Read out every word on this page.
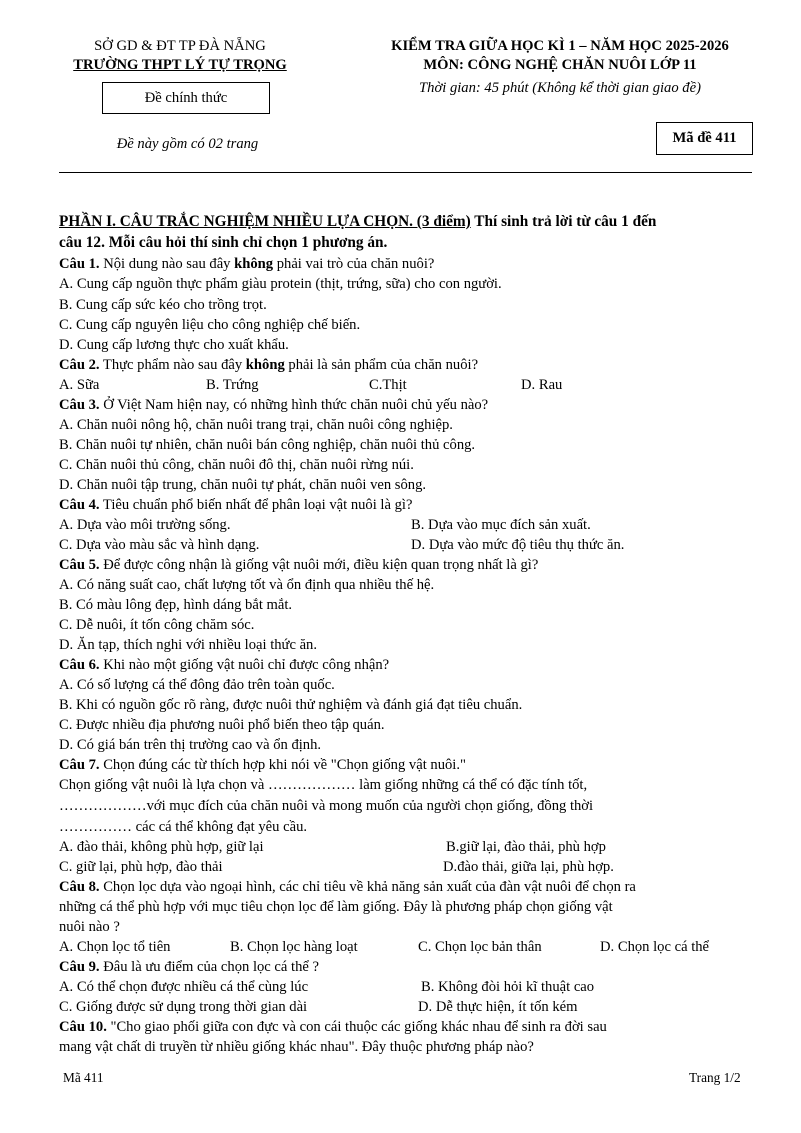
SỞ GD & ĐT TP ĐÀ NẴNG
TRƯỜNG THPT LÝ TỰ TRỌNG
Đề chính thức
Đề này gồm có 02 trang
KIỂM TRA GIỮA HỌC KÌ 1 – NĂM HỌC 2025-2026
MÔN: CÔNG NGHỆ CHĂN NUÔI LỚP 11
Thời gian: 45 phút (Không kể thời gian giao đề)
Mã đề 411
PHẦN I. CÂU TRẮC NGHIỆM NHIỀU LỰA CHỌN. (3 điểm) Thí sinh trả lời từ câu 1 đến
câu 12. Mỗi câu hỏi thí sinh chỉ chọn 1 phương án.
Câu 1. Nội dung nào sau đây không phải vai trò của chăn nuôi?
A. Cung cấp nguồn thực phẩm giàu protein (thịt, trứng, sữa) cho con người.
B. Cung cấp sức kéo cho trồng trọt.
C. Cung cấp nguyên liệu cho công nghiệp chế biến.
D. Cung cấp lương thực cho xuất khẩu.
Câu 2. Thực phẩm nào sau đây không phải là sản phẩm của chăn nuôi?
A. Sữa	B. Trứng	C.Thịt	D. Rau
Câu 3. Ở Việt Nam hiện nay, có những hình thức chăn nuôi chủ yếu nào?
A. Chăn nuôi nông hộ, chăn nuôi trang trại, chăn nuôi công nghiệp.
B. Chăn nuôi tự nhiên, chăn nuôi bán công nghiệp, chăn nuôi thủ công.
C. Chăn nuôi thủ công, chăn nuôi đô thị, chăn nuôi rừng núi.
D. Chăn nuôi tập trung, chăn nuôi tự phát, chăn nuôi ven sông.
Câu 4. Tiêu chuẩn phổ biến nhất để phân loại vật nuôi là gì?
A. Dựa vào môi trường sống.	B. Dựa vào mục đích sản xuất.
C. Dựa vào màu sắc và hình dạng.	D. Dựa vào mức độ tiêu thụ thức ăn.
Câu 5. Để được công nhận là giống vật nuôi mới, điều kiện quan trọng nhất là gì?
A. Có năng suất cao, chất lượng tốt và ổn định qua nhiều thế hệ.
B. Có màu lông đẹp, hình dáng bắt mắt.
C. Dễ nuôi, ít tốn công chăm sóc.
D. Ăn tạp, thích nghi với nhiều loại thức ăn.
Câu 6. Khi nào một giống vật nuôi chỉ được công nhận?
A. Có số lượng cá thể đông đảo trên toàn quốc.
B. Khi có nguồn gốc rõ ràng, được nuôi thử nghiệm và đánh giá đạt tiêu chuẩn.
C. Được nhiều địa phương nuôi phổ biến theo tập quán.
D. Có giá bán trên thị trường cao và ổn định.
Câu 7. Chọn đúng các từ thích hợp khi nói về "Chọn giống vật nuôi."
Chọn giống vật nuôi là lựa chọn và ……………… làm giống những cá thể có đặc tính tốt,
………………với mục đích của chăn nuôi và mong muốn của người chọn giống, đồng thời
…………… các cá thể không đạt yêu cầu.
A. đào thải, không phù hợp, giữ lại	B.giữ lại, đào thải, phù hợp
C. giữ lại, phù hợp, đào thải	D.đào thải, giữa lại, phù hợp.
Câu 8. Chọn lọc dựa vào ngoại hình, các chỉ tiêu về khả năng sản xuất của đàn vật nuôi để chọn ra
những cá thể phù hợp với mục tiêu chọn lọc để làm giống. Đây là phương pháp chọn giống vật
nuôi nào ?
A. Chọn lọc tổ tiên	B. Chọn lọc hàng loạt	C. Chọn lọc bản thân	D. Chọn lọc cá thể
Câu 9. Đâu là ưu điểm của chọn lọc cá thể ?
A. Có thể chọn được nhiều cá thể cùng lúc	B. Không đòi hỏi kĩ thuật cao
C. Giống được sử dụng trong thời gian dài	D. Dễ thực hiện, ít tốn kém
Câu 10. "Cho giao phối giữa con đực và con cái thuộc các giống khác nhau để sinh ra đời sau
mang vật chất di truyền từ nhiều giống khác nhau". Đây thuộc phương pháp nào?
Mã 411	Trang 1/2
